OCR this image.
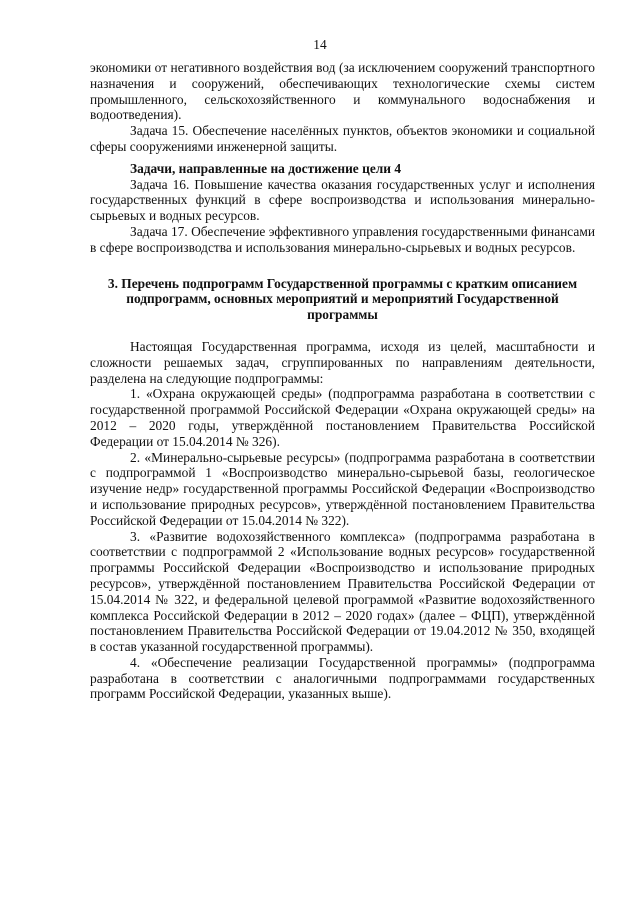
14

экономики от негативного воздействия вод (за исключением сооружений транспортного назначения и сооружений, обеспечивающих технологические схемы систем промышленного, сельскохозяйственного и коммунального водоснабжения и водоотведения).

Задача 15. Обеспечение населённых пунктов, объектов экономики и социальной сферы сооружениями инженерной защиты.

Задачи, направленные на достижение цели 4

Задача 16. Повышение качества оказания государственных услуг и исполнения государственных функций в сфере воспроизводства и использования минерально-сырьевых и водных ресурсов.

Задача 17. Обеспечение эффективного управления государственными финансами в сфере воспроизводства и использования минерально-сырьевых и водных ресурсов.

3. Перечень подпрограмм Государственной программы с кратким описанием подпрограмм, основных мероприятий и мероприятий Государственной программы

Настоящая Государственная программа, исходя из целей, масштабности и сложности решаемых задач, сгруппированных по направлениям деятельности, разделена на следующие подпрограммы:

1. «Охрана окружающей среды» (подпрограмма разработана в соответствии с государственной программой Российской Федерации «Охрана окружающей среды» на 2012 – 2020 годы, утверждённой постановлением Правительства Российской Федерации от 15.04.2014 № 326).

2. «Минерально-сырьевые ресурсы» (подпрограмма разработана в соответствии с подпрограммой 1 «Воспроизводство минерально-сырьевой базы, геологическое изучение недр» государственной программы Российской Федерации «Воспроизводство и использование природных ресурсов», утверждённой постановлением Правительства Российской Федерации от 15.04.2014 № 322).

3. «Развитие водохозяйственного комплекса» (подпрограмма разработана в соответствии с подпрограммой 2 «Использование водных ресурсов» государственной программы Российской Федерации «Воспроизводство и использование природных ресурсов», утверждённой постановлением Правительства Российской Федерации от 15.04.2014 № 322, и федеральной целевой программой «Развитие водохозяйственного комплекса Российской Федерации в 2012 – 2020 годах» (далее – ФЦП), утверждённой постановлением Правительства Российской Федерации от 19.04.2012 № 350, входящей в состав указанной государственной программы).

4. «Обеспечение реализации Государственной программы» (подпрограмма разработана в соответствии с аналогичными подпрограммами государственных программ Российской Федерации, указанных выше).
